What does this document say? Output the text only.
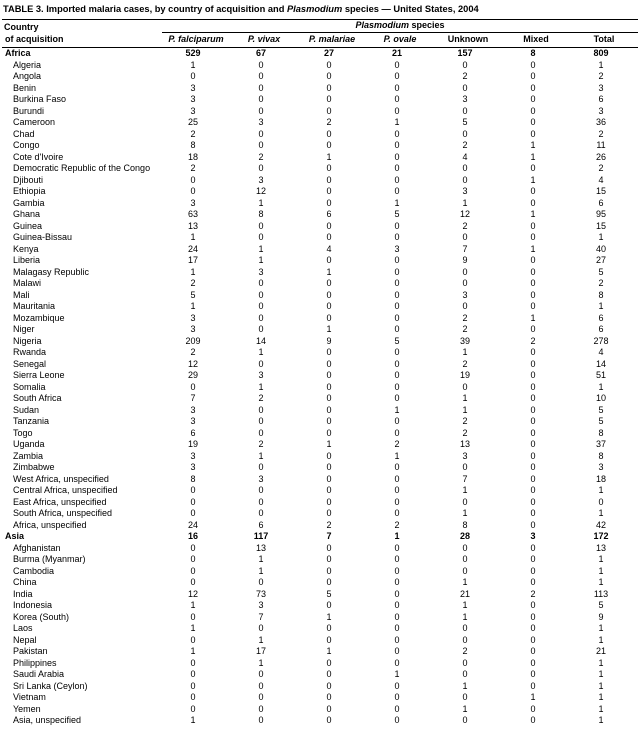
TABLE 3. Imported malaria cases, by country of acquisition and Plasmodium species — United States, 2004
Country	Plasmodium species						
of acquisition	P. falciparum	P. vivax	P. malariae	P. ovale	Unknown	Mixed	Total
Africa	529	67	27	21	157	8	809
Algeria	1	0	0	0	0	0	1
Angola	0	0	0	0	2	0	2
Benin	3	0	0	0	0	0	3
Burkina Faso	3	0	0	0	3	0	6
Burundi	3	0	0	0	0	0	3
Cameroon	25	3	2	1	5	0	36
Chad	2	0	0	0	0	0	2
Congo	8	0	0	0	2	1	11
Cote d'Ivoire	18	2	1	0	4	1	26
Democratic Republic of the Congo	2	0	0	0	0	0	2
Djibouti	0	3	0	0	0	1	4
Ethiopia	0	12	0	0	3	0	15
Gambia	3	1	0	1	1	0	6
Ghana	63	8	6	5	12	1	95
Guinea	13	0	0	0	2	0	15
Guinea-Bissau	1	0	0	0	0	0	1
Kenya	24	1	4	3	7	1	40
Liberia	17	1	0	0	9	0	27
Malagasy Republic	1	3	1	0	0	0	5
Malawi	2	0	0	0	0	0	2
Mali	5	0	0	0	3	0	8
Mauritania	1	0	0	0	0	0	1
Mozambique	3	0	0	0	2	1	6
Niger	3	0	1	0	2	0	6
Nigeria	209	14	9	5	39	2	278
Rwanda	2	1	0	0	1	0	4
Senegal	12	0	0	0	2	0	14
Sierra Leone	29	3	0	0	19	0	51
Somalia	0	1	0	0	0	0	1
South Africa	7	2	0	0	1	0	10
Sudan	3	0	0	1	1	0	5
Tanzania	3	0	0	0	2	0	5
Togo	6	0	0	0	2	0	8
Uganda	19	2	1	2	13	0	37
Zambia	3	1	0	1	3	0	8
Zimbabwe	3	0	0	0	0	0	3
West Africa, unspecified	8	3	0	0	7	0	18
Central Africa, unspecified	0	0	0	0	1	0	1
East Africa, unspecified	0	0	0	0	0	0	0
South Africa, unspecified	0	0	0	0	1	0	1
Africa, unspecified	24	6	2	2	8	0	42
Asia	16	117	7	1	28	3	172
Afghanistan	0	13	0	0	0	0	13
Burma (Myanmar)	0	1	0	0	0	0	1
Cambodia	0	1	0	0	0	0	1
China	0	0	0	0	1	0	1
India	12	73	5	0	21	2	113
Indonesia	1	3	0	0	1	0	5
Korea (South)	0	7	1	0	1	0	9
Laos	1	0	0	0	0	0	1
Nepal	0	1	0	0	0	0	1
Pakistan	1	17	1	0	2	0	21
Philippines	0	1	0	0	0	0	1
Saudi Arabia	0	0	0	1	0	0	1
Sri Lanka (Ceylon)	0	0	0	0	1	0	1
Vietnam	0	0	0	0	0	1	1
Yemen	0	0	0	0	1	0	1
Asia, unspecified	1	0	0	0	0	0	1
